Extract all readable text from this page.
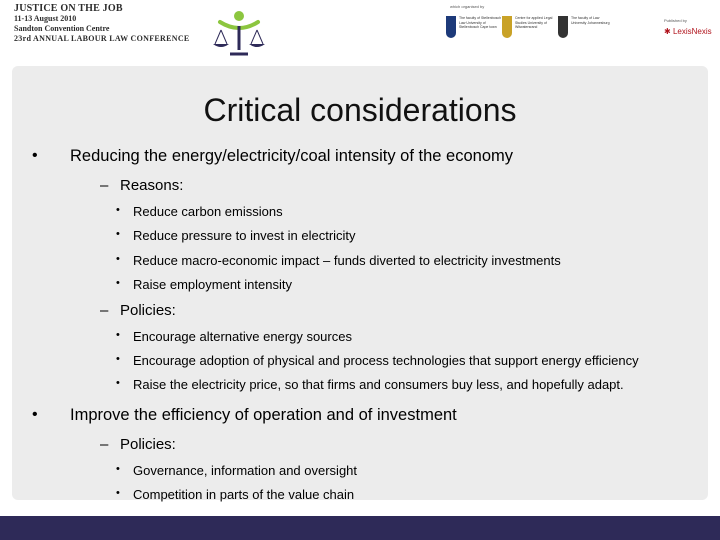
JUSTICE ON THE JOB
11-13 August 2010
Sandton Convention Centre
23rd ANNUAL LABOUR LAW CONFERENCE
which organised by
The faculty of Stellenbosch Law University of Stellenbosch Cape town
Centre for applied Legal Studies University of Witwatersrand
The faculty of Law University Johannesburg	Published by
✱ LexisNexis
Critical considerations
• Reducing the energy/electricity/coal intensity of the economy
– Reasons:
• Reduce carbon emissions
• Reduce pressure to invest in electricity
• Reduce macro-economic impact – funds diverted to electricity investments
• Raise employment intensity
– Policies:
• Encourage alternative energy sources
• Encourage adoption of physical and process technologies that support energy efficiency
• Raise the electricity price, so that firms and consumers buy less, and hopefully adapt.
• Improve the efficiency of operation and of investment
– Policies:
• Governance, information and oversight
• Competition in parts of the value chain
